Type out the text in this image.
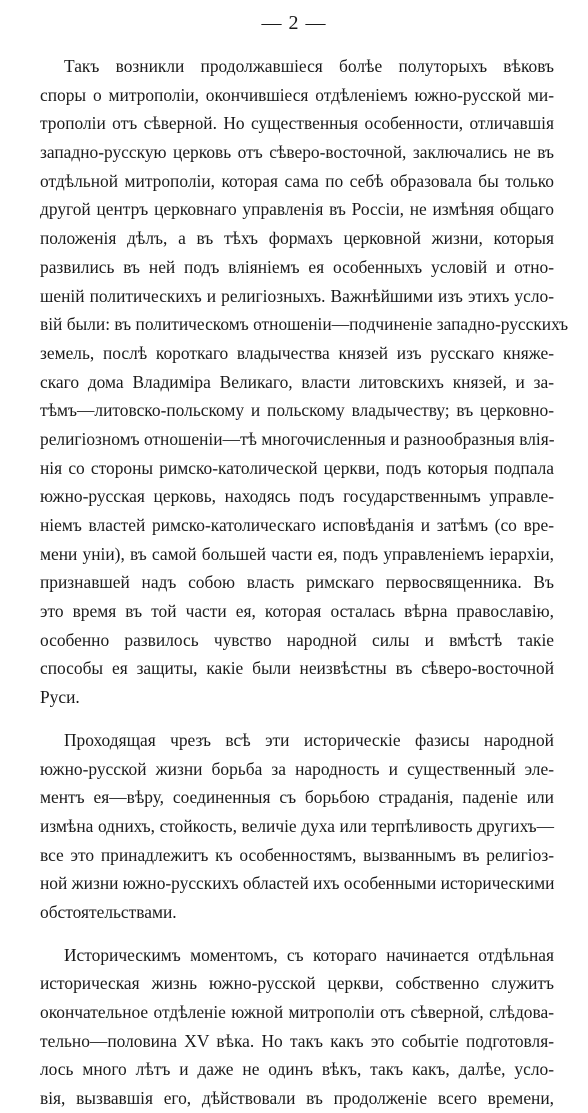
— 2 —
Такъ возникли продолжавшіеся болѣе полуторыхъ вѣковъ
споры о митрополіи, окончившіеся отдѣленіемъ южно-русской ми-
трополіи отъ сѣверной. Но существенныя особенности, отличавшія
западно-русскую церковь отъ сѣверо-восточной, заключались не въ
отдѣльной митрополіи, которая сама по себѣ образовала бы только
другой центръ церковнаго управленія въ Россіи, не измѣняя общаго
положенія дѣлъ, а въ тѣхъ формахъ церковной жизни, которыя
развились въ ней подъ вліяніемъ ея особенныхъ условій и отно-
шеній политическихъ и религіозныхъ. Важнѣйшими изъ этихъ усло-
вій были: въ политическомъ отношеніи—подчиненіе западно-русскихъ
земель, послѣ короткаго владычества князей изъ русскаго княже-
скаго дома Владиміра Великаго, власти литовскихъ князей, и за-
тѣмъ—литовско-польскому и польскому владычеству; въ церковно-
религіозномъ отношеніи—тѣ многочисленныя и разнообразныя влія-
нія со стороны римско-католической церкви, подъ которыя подпала
южно-русская церковь, находясь подъ государственнымъ управле-
ніемъ властей римско-католическаго исповѣданія и затѣмъ (со вре-
мени уніи), въ самой большей части ея, подъ управленіемъ іерархіи,
признавшей надъ собою власть римскаго первосвященника. Въ
это время въ той части ея, которая осталась вѣрна православію,
особенно развилось чувство народной силы и вмѣстѣ такіе
способы ея защиты, какіе были неизвѣстны въ сѣверо-восточной
Руси.
Проходящая чрезъ всѣ эти историческіе фазисы народной
южно-русской жизни борьба за народность и существенный эле-
ментъ ея—вѣру, соединенныя съ борьбою страданія, паденіе или
измѣна однихъ, стойкость, величіе духа или терпѣливость другихъ—
все это принадлежитъ къ особенностямъ, вызваннымъ въ религіоз-
ной жизни южно-русскихъ областей ихъ особенными историческими
обстоятельствами.
Историческимъ моментомъ, съ котораго начинается отдѣльная
историческая жизнь южно-русской церкви, собственно служитъ
окончательное отдѣленіе южной митрополіи отъ сѣверной, слѣдова-
тельно—половина XV вѣка. Но такъ какъ это событіе подготовля-
лось много лѣтъ и даже не одинъ вѣкъ, такъ какъ, далѣе, усло-
вія, вызвавшія его, дѣйствовали въ продолженіе всего времени,
